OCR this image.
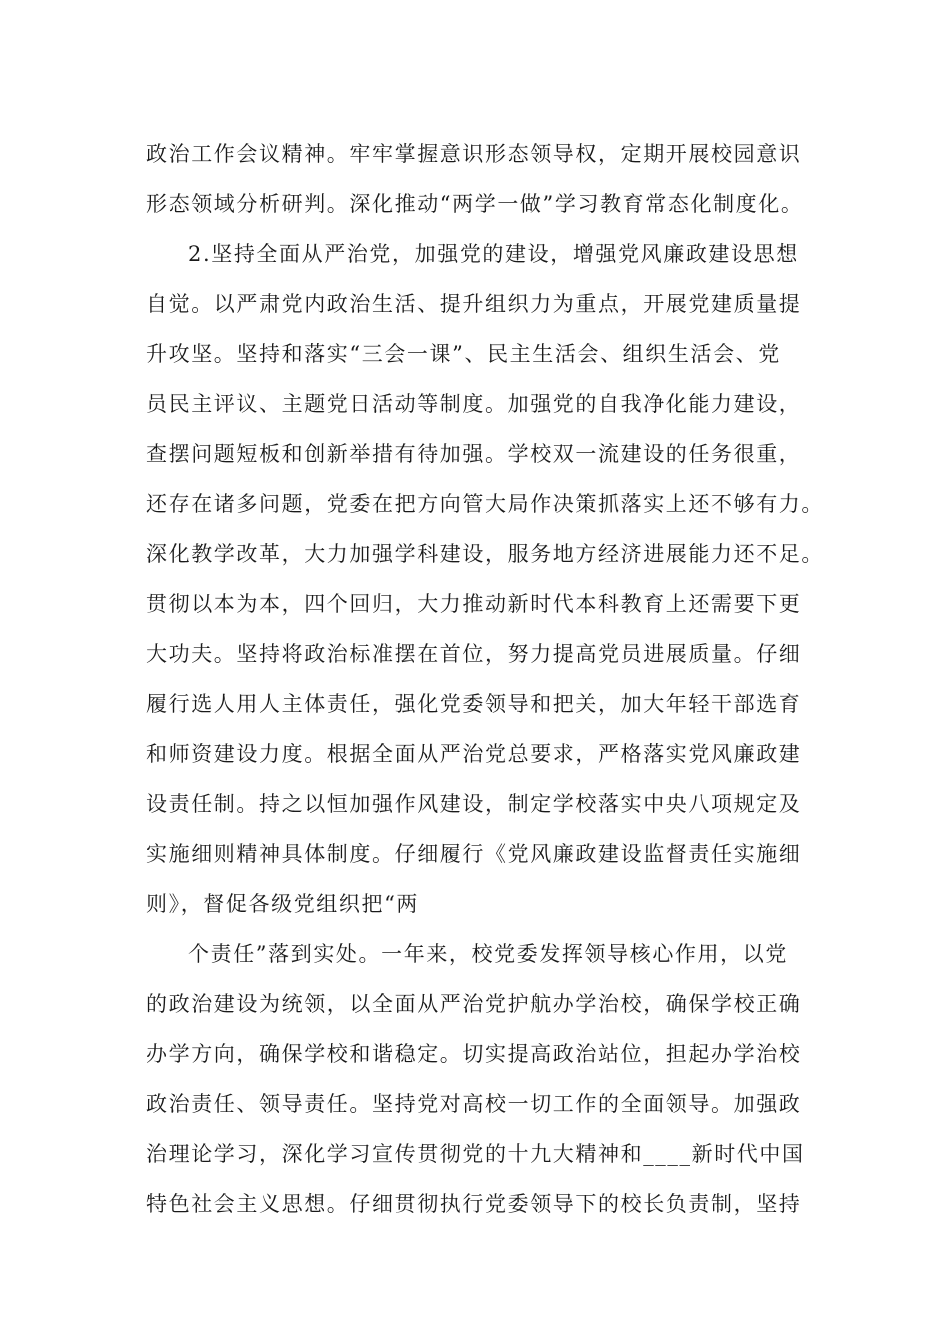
政治工作会议精神。牢牢掌握意识形态领导权，定期开展校园意识
形态领域分析研判。深化推动“两学一做”学习教育常态化制度化。
2.坚持全面从严治党，加强党的建设，增强党风廉政建设思想
自觉。以严肃党内政治生活、提升组织力为重点，开展党建质量提
升攻坚。坚持和落实“三会一课”、民主生活会、组织生活会、党
员民主评议、主题党日活动等制度。加强党的自我净化能力建设，
查摆问题短板和创新举措有待加强。学校双一流建设的任务很重，
还存在诸多问题，党委在把方向管大局作决策抓落实上还不够有力。
深化教学改革，大力加强学科建设，服务地方经济进展能力还不足。
贯彻以本为本，四个回归，大力推动新时代本科教育上还需要下更
大功夫。坚持将政治标准摆在首位，努力提高党员进展质量。仔细
履行选人用人主体责任，强化党委领导和把关，加大年轻干部选育
和师资建设力度。根据全面从严治党总要求，严格落实党风廉政建
设责任制。持之以恒加强作风建设，制定学校落实中央八项规定及
实施细则精神具体制度。仔细履行《党风廉政建设监督责任实施细
则》，督促各级党组织把“两
个责任”落到实处。一年来，校党委发挥领导核心作用，以党
的政治建设为统领，以全面从严治党护航办学治校，确保学校正确
办学方向，确保学校和谐稳定。切实提高政治站位，担起办学治校
政治责任、领导责任。坚持党对高校一切工作的全面领导。加强政
治理论学习，深化学习宣传贯彻党的十九大精神和____新时代中国
特色社会主义思想。仔细贯彻执行党委领导下的校长负责制，坚持
